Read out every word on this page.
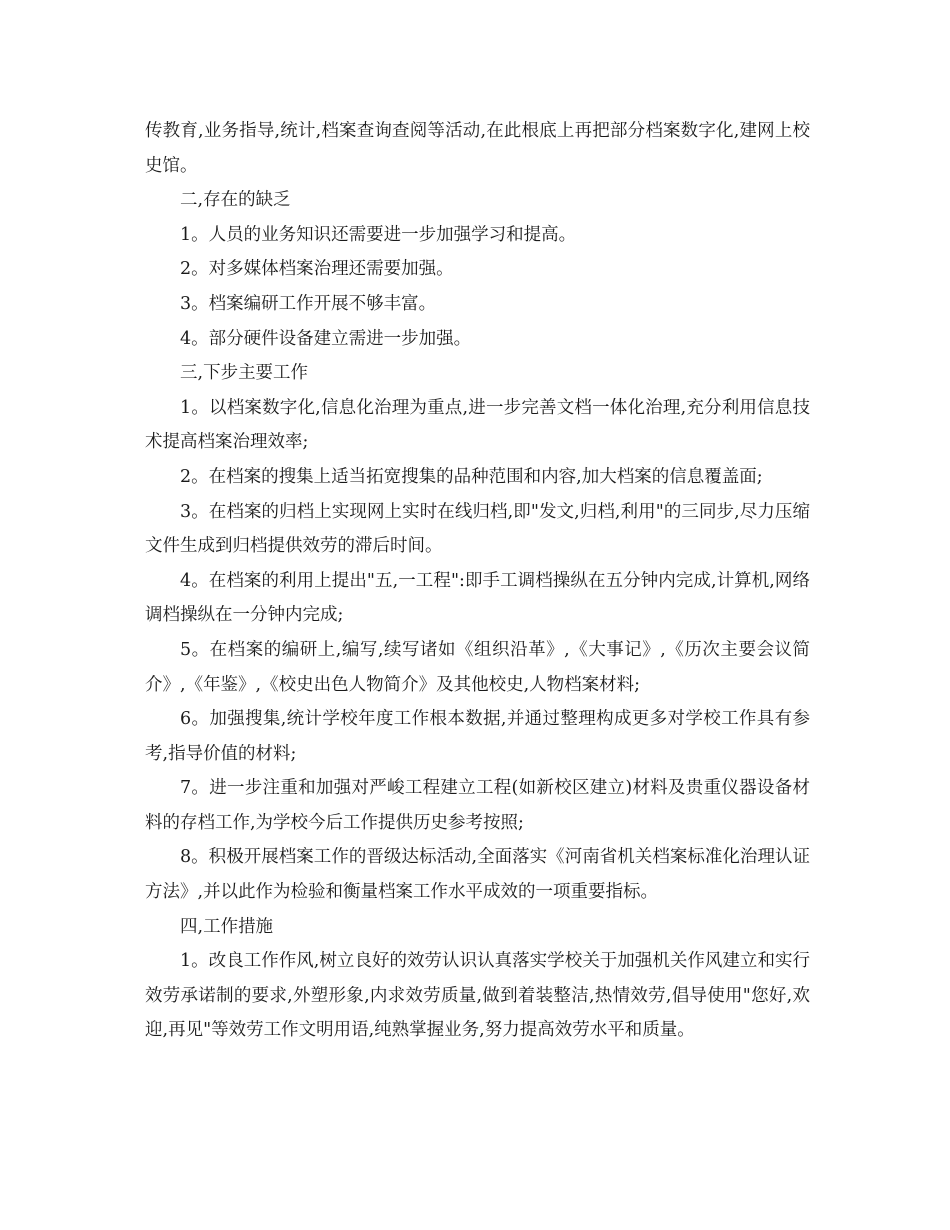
传教育,业务指导,统计,档案查询查阅等活动,在此根底上再把部分档案数字化,建网上校史馆。

二,存在的缺乏

1。人员的业务知识还需要进一步加强学习和提高。

2。对多媒体档案治理还需要加强。

3。档案编研工作开展不够丰富。

4。部分硬件设备建立需进一步加强。

三,下步主要工作

1。以档案数字化,信息化治理为重点,进一步完善文档一体化治理,充分利用信息技术提高档案治理效率;

2。在档案的搜集上适当拓宽搜集的品种范围和内容,加大档案的信息覆盖面;

3。在档案的归档上实现网上实时在线归档,即"发文,归档,利用"的三同步,尽力压缩文件生成到归档提供效劳的滞后时间。

4。在档案的利用上提出"五,一工程":即手工调档操纵在五分钟内完成,计算机,网络调档操纵在一分钟内完成;

5。在档案的编研上,编写,续写诸如《组织沿革》,《大事记》,《历次主要会议简介》,《年鉴》,《校史出色人物简介》及其他校史,人物档案材料;

6。加强搜集,统计学校年度工作根本数据,并通过整理构成更多对学校工作具有参考,指导价值的材料;

7。进一步注重和加强对严峻工程建立工程(如新校区建立)材料及贵重仪器设备材料的存档工作,为学校今后工作提供历史参考按照;

8。积极开展档案工作的晋级达标活动,全面落实《河南省机关档案标准化治理认证方法》,并以此作为检验和衡量档案工作水平成效的一项重要指标。

四,工作措施

1。改良工作作风,树立良好的效劳认识认真落实学校关于加强机关作风建立和实行效劳承诺制的要求,外塑形象,内求效劳质量,做到着装整洁,热情效劳,倡导使用"您好,欢迎,再见"等效劳工作文明用语,纯熟掌握业务,努力提高效劳水平和质量。
